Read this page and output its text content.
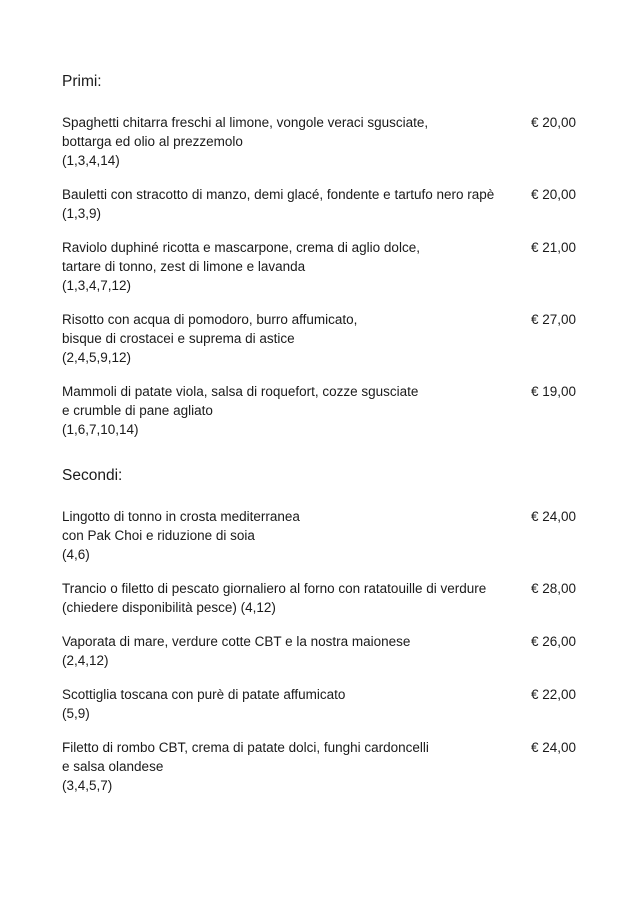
Primi:
Spaghetti chitarra freschi al limone, vongole veraci sgusciate,
bottarga ed olio al prezzemolo
(1,3,4,14)
€ 20,00
Bauletti con stracotto di manzo, demi glacé, fondente e tartufo nero rapè
(1,3,9)
€ 20,00
Raviolo duphiné ricotta e mascarpone, crema di aglio dolce,
tartare di tonno, zest di limone e lavanda
(1,3,4,7,12)
€ 21,00
Risotto con acqua di pomodoro, burro affumicato,
bisque di crostacei e suprema di astice
(2,4,5,9,12)
€ 27,00
Mammoli di patate viola, salsa di roquefort, cozze sgusciate
e crumble di pane agliato
(1,6,7,10,14)
€ 19,00
Secondi:
Lingotto di tonno in crosta mediterranea
con Pak Choi e riduzione di soia
(4,6)
€ 24,00
Trancio o filetto di pescato giornaliero al forno con ratatouille di verdure
(chiedere disponibilità pesce) (4,12)
€ 28,00
Vaporata di mare, verdure cotte CBT e la nostra maionese
(2,4,12)
€ 26,00
Scottiglia toscana con purè di patate affumicato
(5,9)
€ 22,00
Filetto di rombo CBT, crema di patate dolci, funghi cardoncelli
e salsa olandese
(3,4,5,7)
€ 24,00
